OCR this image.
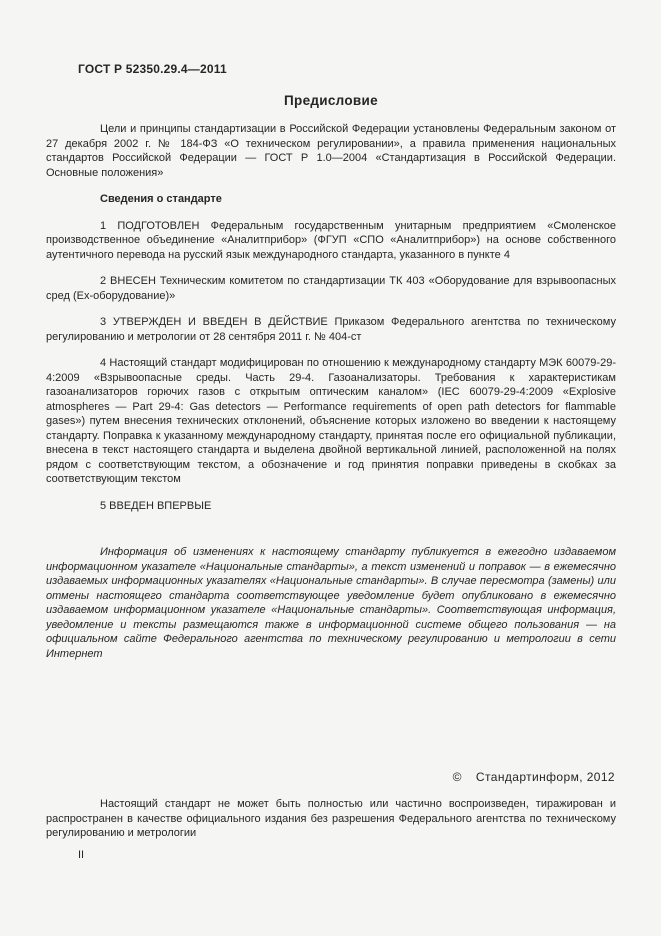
ГОСТ Р 52350.29.4—2011
Предисловие

Цели и принципы стандартизации в Российской Федерации установлены Федеральным законом от 27 декабря 2002 г. № 184-ФЗ «О техническом регулировании», а правила применения национальных стандартов Российской Федерации — ГОСТ Р 1.0—2004 «Стандартизация в Российской Федерации. Основные положения»

Сведения о стандарте

1 ПОДГОТОВЛЕН Федеральным государственным унитарным предприятием «Смоленское производственное объединение «Аналитприбор» (ФГУП «СПО «Аналитприбор») на основе собственного аутентичного перевода на русский язык международного стандарта, указанного в пункте 4

2 ВНЕСЕН Техническим комитетом по стандартизации ТК 403 «Оборудование для взрывоопасных сред (Ex-оборудование)»

3 УТВЕРЖДЕН И ВВЕДЕН В ДЕЙСТВИЕ Приказом Федерального агентства по техническому регулированию и метрологии от 28 сентября 2011 г. № 404-ст

4 Настоящий стандарт модифицирован по отношению к международному стандарту МЭК 60079-29-4:2009 «Взрывоопасные среды. Часть 29-4. Газоанализаторы. Требования к характеристикам газоанализаторов горючих газов с открытым оптическим каналом» (IEC 60079-29-4:2009 «Explosive atmospheres — Part 29-4: Gas detectors — Performance requirements of open path detectors for flammable gases») путем внесения технических отклонений, объяснение которых изложено во введении к настоящему стандарту. Поправка к указанному международному стандарту, принятая после его официальной публикации, внесена в текст настоящего стандарта и выделена двойной вертикальной линией, расположенной на полях рядом с соответствующим текстом, а обозначение и год принятия поправки приведены в скобках за соответствующим текстом

5 ВВЕДЕН ВПЕРВЫЕ

Информация об изменениях к настоящему стандарту публикуется в ежегодно издаваемом информационном указателе «Национальные стандарты», а текст изменений и поправок — в ежемесячно издаваемых информационных указателях «Национальные стандарты». В случае пересмотра (замены) или отмены настоящего стандарта соответствующее уведомление будет опубликовано в ежемесячно издаваемом информационном указателе «Национальные стандарты». Соответствующая информация, уведомление и тексты размещаются также в информационной системе общего пользования — на официальном сайте Федерального агентства по техническому регулированию и метрологии в сети Интернет

© Стандартинформ, 2012

Настоящий стандарт не может быть полностью или частично воспроизведен, тиражирован и распространен в качестве официального издания без разрешения Федерального агентства по техническому регулированию и метрологии

II
